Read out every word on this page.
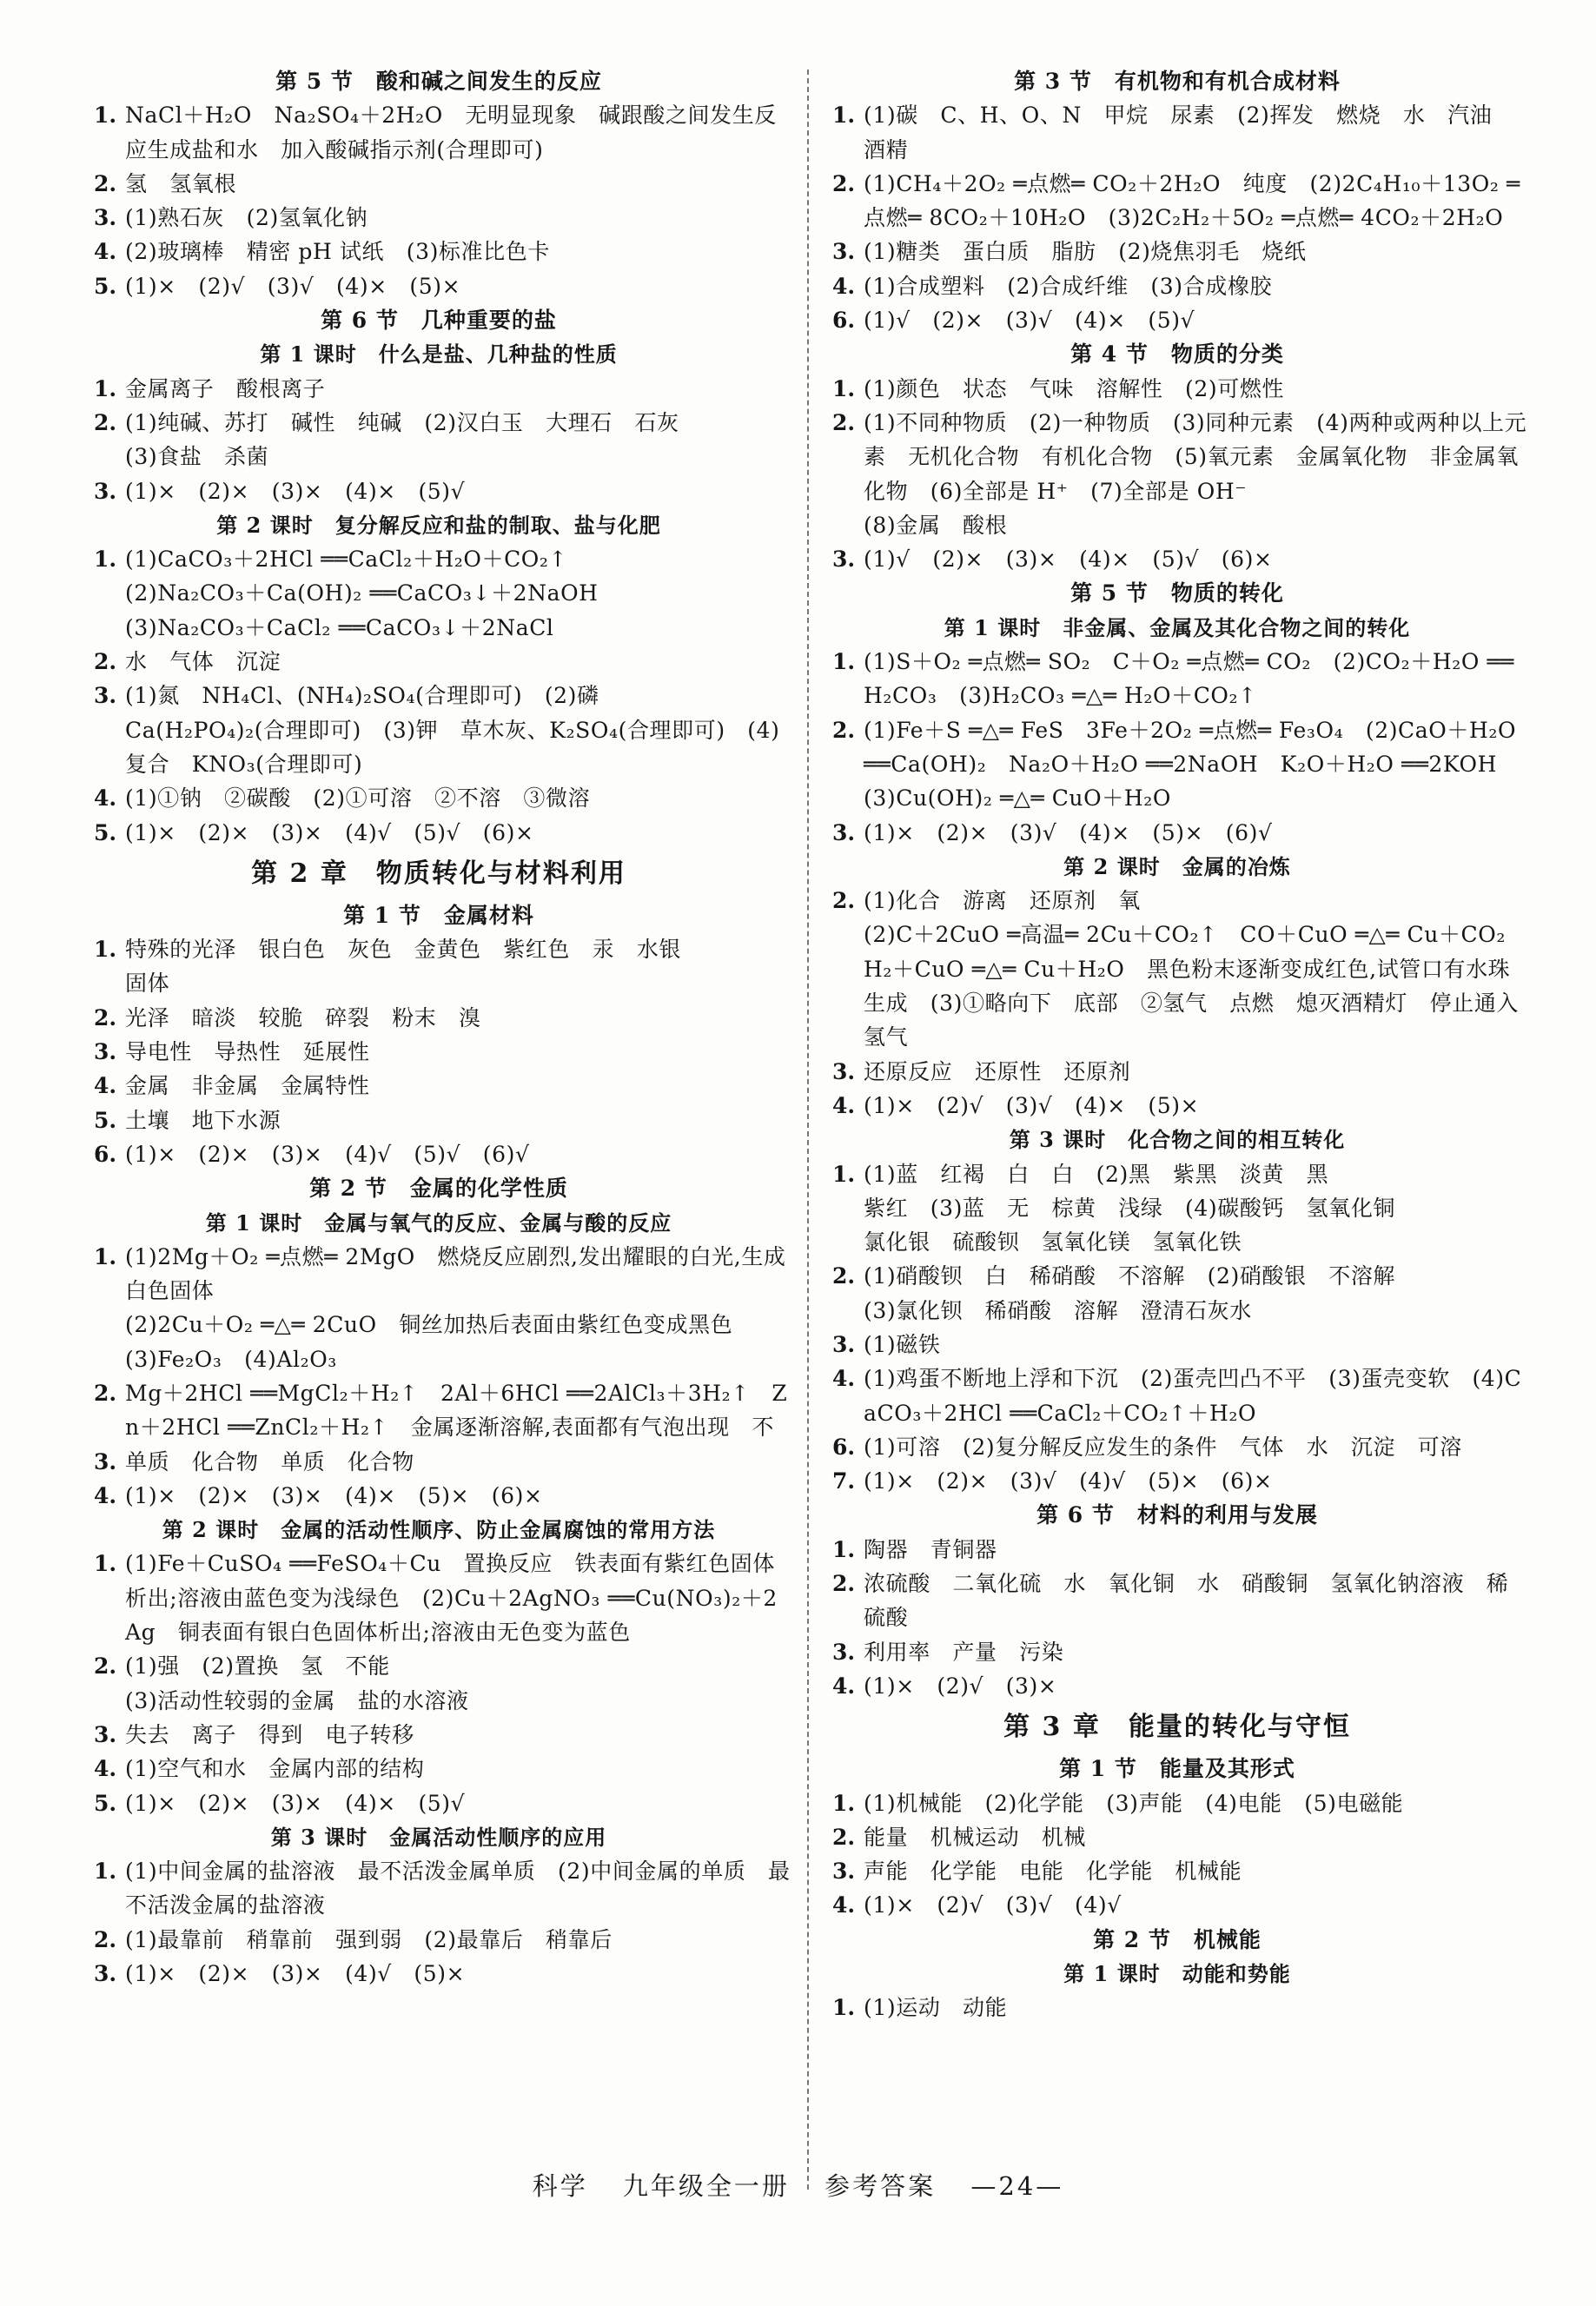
第 5 节　酸和碱之间发生的反应
1. NaCl＋H₂O　Na₂SO₄＋2H₂O　无明显现象　碱跟酸之间发生反应生成盐和水　加入酸碱指示剂(合理即可)
2. 氢　氢氧根
3. (1)熟石灰　(2)氢氧化钠
4. (2)玻璃棒　精密 pH 试纸　(3)标准比色卡
5. (1)×　(2)√　(3)√　(4)×　(5)×
第 6 节　几种重要的盐
第 1 课时　什么是盐、几种盐的性质
1. 金属离子　酸根离子
2. (1)纯碱、苏打　碱性　纯碱　(2)汉白玉　大理石　石灰
(3)食盐　杀菌
3. (1)×　(2)×　(3)×　(4)×　(5)√
第 2 课时　复分解反应和盐的制取、盐与化肥
1. (1)CaCO₃＋2HCl ══CaCl₂＋H₂O＋CO₂↑
(2)Na₂CO₃＋Ca(OH)₂ ══CaCO₃↓＋2NaOH
(3)Na₂CO₃＋CaCl₂ ══CaCO₃↓＋2NaCl
2. 水　气体　沉淀
3. (1)氮　NH₄Cl、(NH₄)₂SO₄(合理即可)　(2)磷
Ca(H₂PO₄)₂(合理即可)　(3)钾　草木灰、K₂SO₄(合理即可)　(4)复合　KNO₃(合理即可)
4. (1)①钠　②碳酸　(2)①可溶　②不溶　③微溶
5. (1)×　(2)×　(3)×　(4)√　(5)√　(6)×
第 2 章　物质转化与材料利用
第 1 节　金属材料
1. 特殊的光泽　银白色　灰色　金黄色　紫红色　汞　水银
固体
2. 光泽　暗淡　较脆　碎裂　粉末　溴
3. 导电性　导热性　延展性
4. 金属　非金属　金属特性
5. 土壤　地下水源
6. (1)×　(2)×　(3)×　(4)√　(5)√　(6)√
第 2 节　金属的化学性质
第 1 课时　金属与氧气的反应、金属与酸的反应
1. (1)2Mg＋O₂ ═点燃═ 2MgO　燃烧反应剧烈,发出耀眼的白光,生成白色固体
(2)2Cu＋O₂ ═△═ 2CuO　铜丝加热后表面由紫红色变成黑色
(3)Fe₂O₃　(4)Al₂O₃
2. Mg＋2HCl ══MgCl₂＋H₂↑　2Al＋6HCl ══2AlCl₃＋3H₂↑　Zn＋2HCl ══ZnCl₂＋H₂↑　金属逐渐溶解,表面都有气泡出现　不
3. 单质　化合物　单质　化合物
4. (1)×　(2)×　(3)×　(4)×　(5)×　(6)×
第 2 课时　金属的活动性顺序、防止金属腐蚀的常用方法
1. (1)Fe＋CuSO₄ ══FeSO₄＋Cu　置换反应　铁表面有紫红色固体析出;溶液由蓝色变为浅绿色　(2)Cu＋2AgNO₃ ══Cu(NO₃)₂＋2Ag　铜表面有银白色固体析出;溶液由无色变为蓝色
2. (1)强　(2)置换　氢　不能
(3)活动性较弱的金属　盐的水溶液
3. 失去　离子　得到　电子转移
4. (1)空气和水　金属内部的结构
5. (1)×　(2)×　(3)×　(4)×　(5)√
第 3 课时　金属活动性顺序的应用
1. (1)中间金属的盐溶液　最不活泼金属单质　(2)中间金属的单质　最不活泼金属的盐溶液
2. (1)最靠前　稍靠前　强到弱　(2)最靠后　稍靠后
3. (1)×　(2)×　(3)×　(4)√　(5)×
第 3 节　有机物和有机合成材料
1. (1)碳　C、H、O、N　甲烷　尿素　(2)挥发　燃烧　水　汽油
酒精
2. (1)CH₄＋2O₂ ═点燃═ CO₂＋2H₂O　纯度　(2)2C₄H₁₀＋13O₂ ═点燃═ 8CO₂＋10H₂O　(3)2C₂H₂＋5O₂ ═点燃═ 4CO₂＋2H₂O
3. (1)糖类　蛋白质　脂肪　(2)烧焦羽毛　烧纸
4. (1)合成塑料　(2)合成纤维　(3)合成橡胶
6. (1)√　(2)×　(3)√　(4)×　(5)√
第 4 节　物质的分类
1. (1)颜色　状态　气味　溶解性　(2)可燃性
2. (1)不同种物质　(2)一种物质　(3)同种元素　(4)两种或两种以上元素　无机化合物　有机化合物　(5)氧元素　金属氧化物　非金属氧化物　(6)全部是 H⁺　(7)全部是 OH⁻
(8)金属　酸根
3. (1)√　(2)×　(3)×　(4)×　(5)√　(6)×
第 5 节　物质的转化
第 1 课时　非金属、金属及其化合物之间的转化
1. (1)S＋O₂ ═点燃═ SO₂　C＋O₂ ═点燃═ CO₂　(2)CO₂＋H₂O ══H₂CO₃　(3)H₂CO₃ ═△═ H₂O＋CO₂↑
2. (1)Fe＋S ═△═ FeS　3Fe＋2O₂ ═点燃═ Fe₃O₄　(2)CaO＋H₂O ══Ca(OH)₂　Na₂O＋H₂O ══2NaOH　K₂O＋H₂O ══2KOH　(3)Cu(OH)₂ ═△═ CuO＋H₂O
3. (1)×　(2)×　(3)√　(4)×　(5)×　(6)√
第 2 课时　金属的冶炼
2. (1)化合　游离　还原剂　氧
(2)C＋2CuO ═高温═ 2Cu＋CO₂↑　CO＋CuO ═△═ Cu＋CO₂
H₂＋CuO ═△═ Cu＋H₂O　黑色粉末逐渐变成红色,试管口有水珠生成　(3)①略向下　底部　②氢气　点燃　熄灭酒精灯　停止通入氢气
3. 还原反应　还原性　还原剂
4. (1)×　(2)√　(3)√　(4)×　(5)×
第 3 课时　化合物之间的相互转化
1. (1)蓝　红褐　白　白　(2)黑　紫黑　淡黄　黑
紫红　(3)蓝　无　棕黄　浅绿　(4)碳酸钙　氢氧化铜
氯化银　硫酸钡　氢氧化镁　氢氧化铁
2. (1)硝酸钡　白　稀硝酸　不溶解　(2)硝酸银　不溶解
(3)氯化钡　稀硝酸　溶解　澄清石灰水
3. (1)磁铁
4. (1)鸡蛋不断地上浮和下沉　(2)蛋壳凹凸不平　(3)蛋壳变软　(4)CaCO₃＋2HCl ══CaCl₂＋CO₂↑＋H₂O
6. (1)可溶　(2)复分解反应发生的条件　气体　水　沉淀　可溶
7. (1)×　(2)×　(3)√　(4)√　(5)×　(6)×
第 6 节　材料的利用与发展
1. 陶器　青铜器
2. 浓硫酸　二氧化硫　水　氧化铜　水　硝酸铜　氢氧化钠溶液　稀硫酸
3. 利用率　产量　污染
4. (1)×　(2)√　(3)×
第 3 章　能量的转化与守恒
第 1 节　能量及其形式
1. (1)机械能　(2)化学能　(3)声能　(4)电能　(5)电磁能
2. 能量　机械运动　机械
3. 声能　化学能　电能　化学能　机械能
4. (1)×　(2)√　(3)√　(4)√
第 2 节　机械能
第 1 课时　动能和势能
1. (1)运动　动能
科学 九年级全一册 参考答案 —24—
